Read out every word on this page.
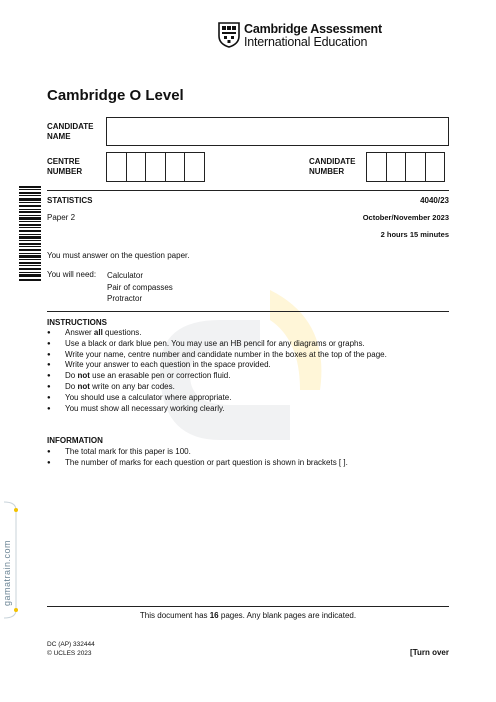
Cambridge Assessment
International Education
Cambridge O Level
CANDIDATE
NAME
CENTRE
NUMBER
CANDIDATE
NUMBER
STATISTICS	4040/23
Paper 2	October/November 2023
2 hours 15 minutes
You must answer on the question paper.
You will need: Calculator
Pair of compasses
Protractor
INSTRUCTIONS
● Answer all questions.
● Use a black or dark blue pen. You may use an HB pencil for any diagrams or graphs.
● Write your name, centre number and candidate number in the boxes at the top of the page.
● Write your answer to each question in the space provided.
● Do not use an erasable pen or correction fluid.
● Do not write on any bar codes.
● You should use a calculator where appropriate.
● You must show all necessary working clearly.
INFORMATION
● The total mark for this paper is 100.
● The number of marks for each question or part question is shown in brackets [ ].
gamatrain.com
This document has 16 pages. Any blank pages are indicated.
DC (AP) 332444
© UCLES 2023	[Turn over
